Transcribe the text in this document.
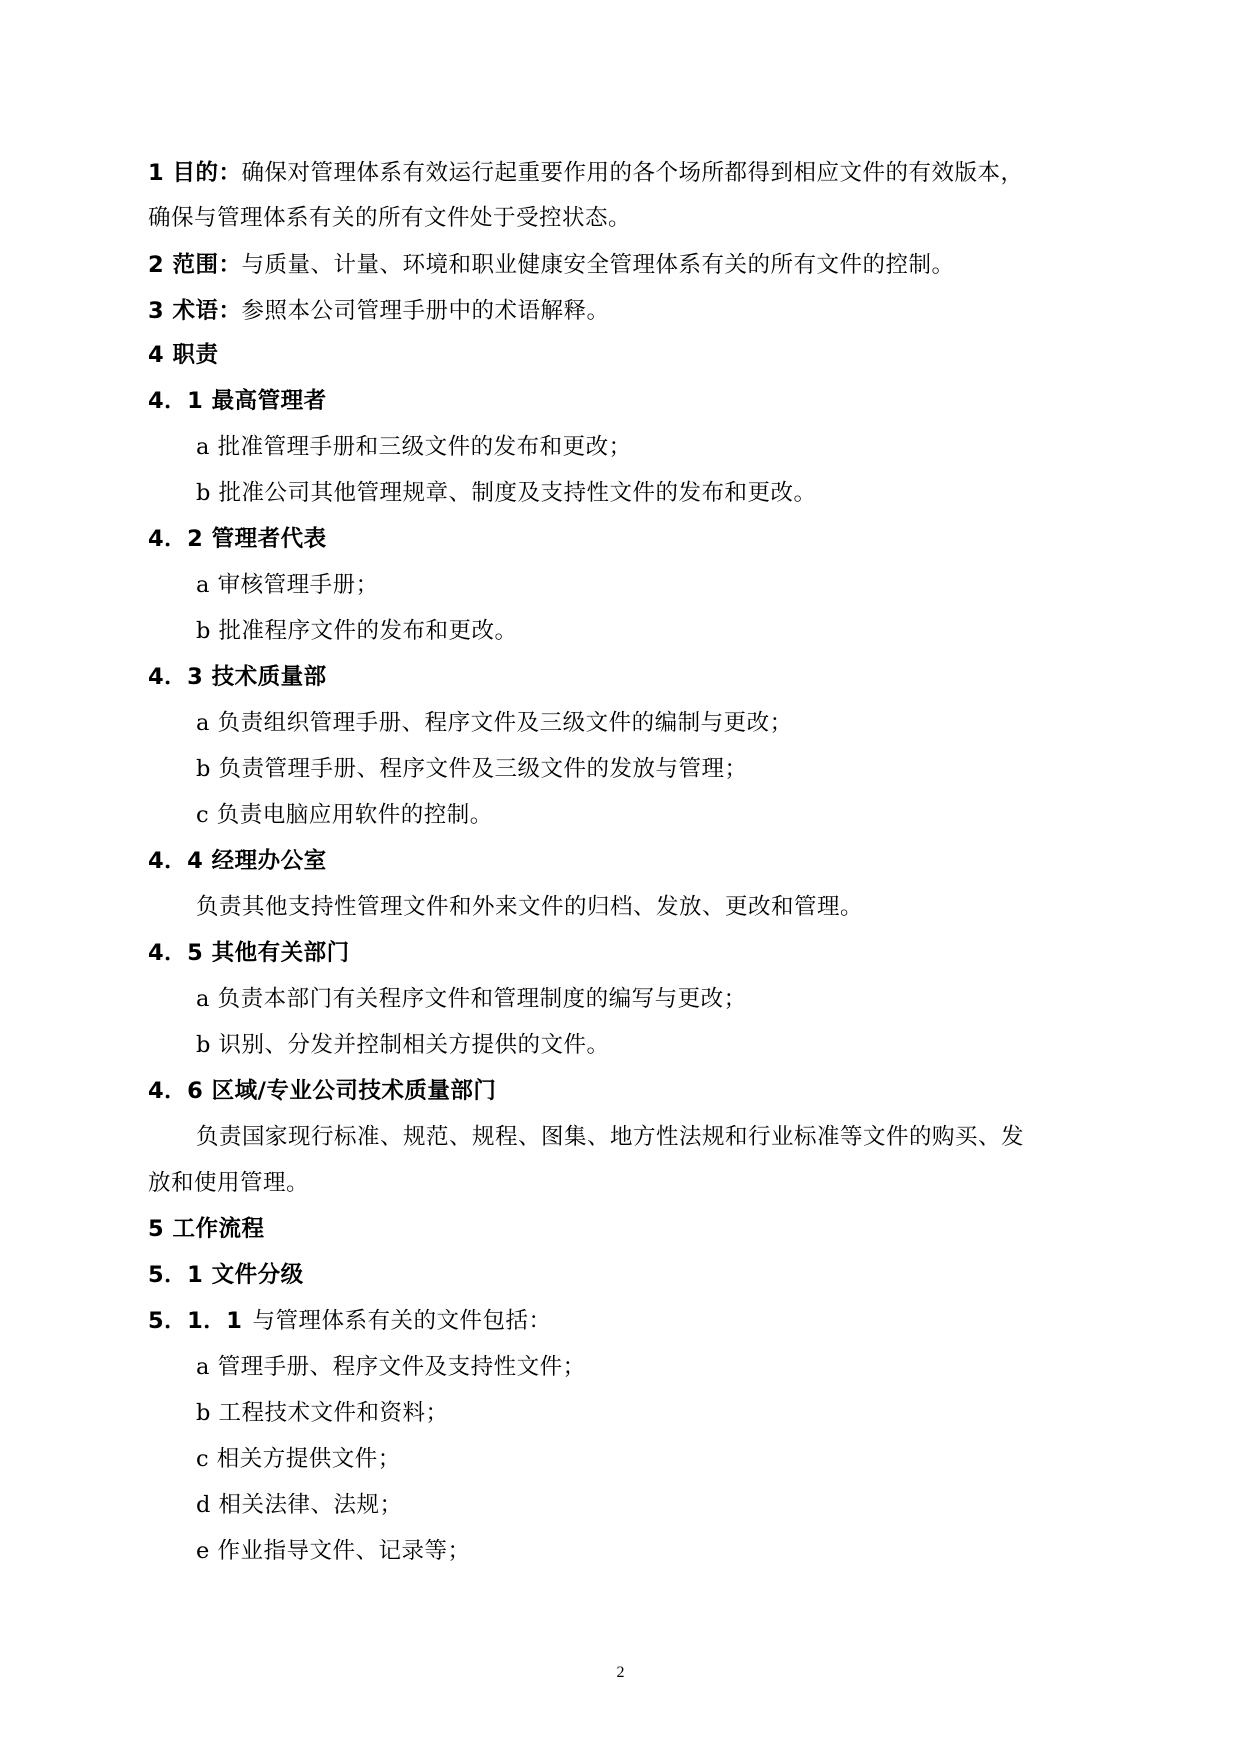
1 目的：确保对管理体系有效运行起重要作用的各个场所都得到相应文件的有效版本，
确保与管理体系有关的所有文件处于受控状态。
2 范围：与质量、计量、环境和职业健康安全管理体系有关的所有文件的控制。
3 术语：参照本公司管理手册中的术语解释。
4 职责
4．1 最高管理者
a 批准管理手册和三级文件的发布和更改；
b 批准公司其他管理规章、制度及支持性文件的发布和更改。
4．2 管理者代表
a 审核管理手册；
b 批准程序文件的发布和更改。
4．3 技术质量部
a 负责组织管理手册、程序文件及三级文件的编制与更改；
b 负责管理手册、程序文件及三级文件的发放与管理；
c 负责电脑应用软件的控制。
4．4 经理办公室
负责其他支持性管理文件和外来文件的归档、发放、更改和管理。
4．5 其他有关部门
a 负责本部门有关程序文件和管理制度的编写与更改；
b 识别、分发并控制相关方提供的文件。
4．6 区域/专业公司技术质量部门
负责国家现行标准、规范、规程、图集、地方性法规和行业标准等文件的购买、发
放和使用管理。
5 工作流程
5．1 文件分级
5．1．1 与管理体系有关的文件包括：
a 管理手册、程序文件及支持性文件；
b 工程技术文件和资料；
c 相关方提供文件；
d 相关法律、法规；
e 作业指导文件、记录等；
2
